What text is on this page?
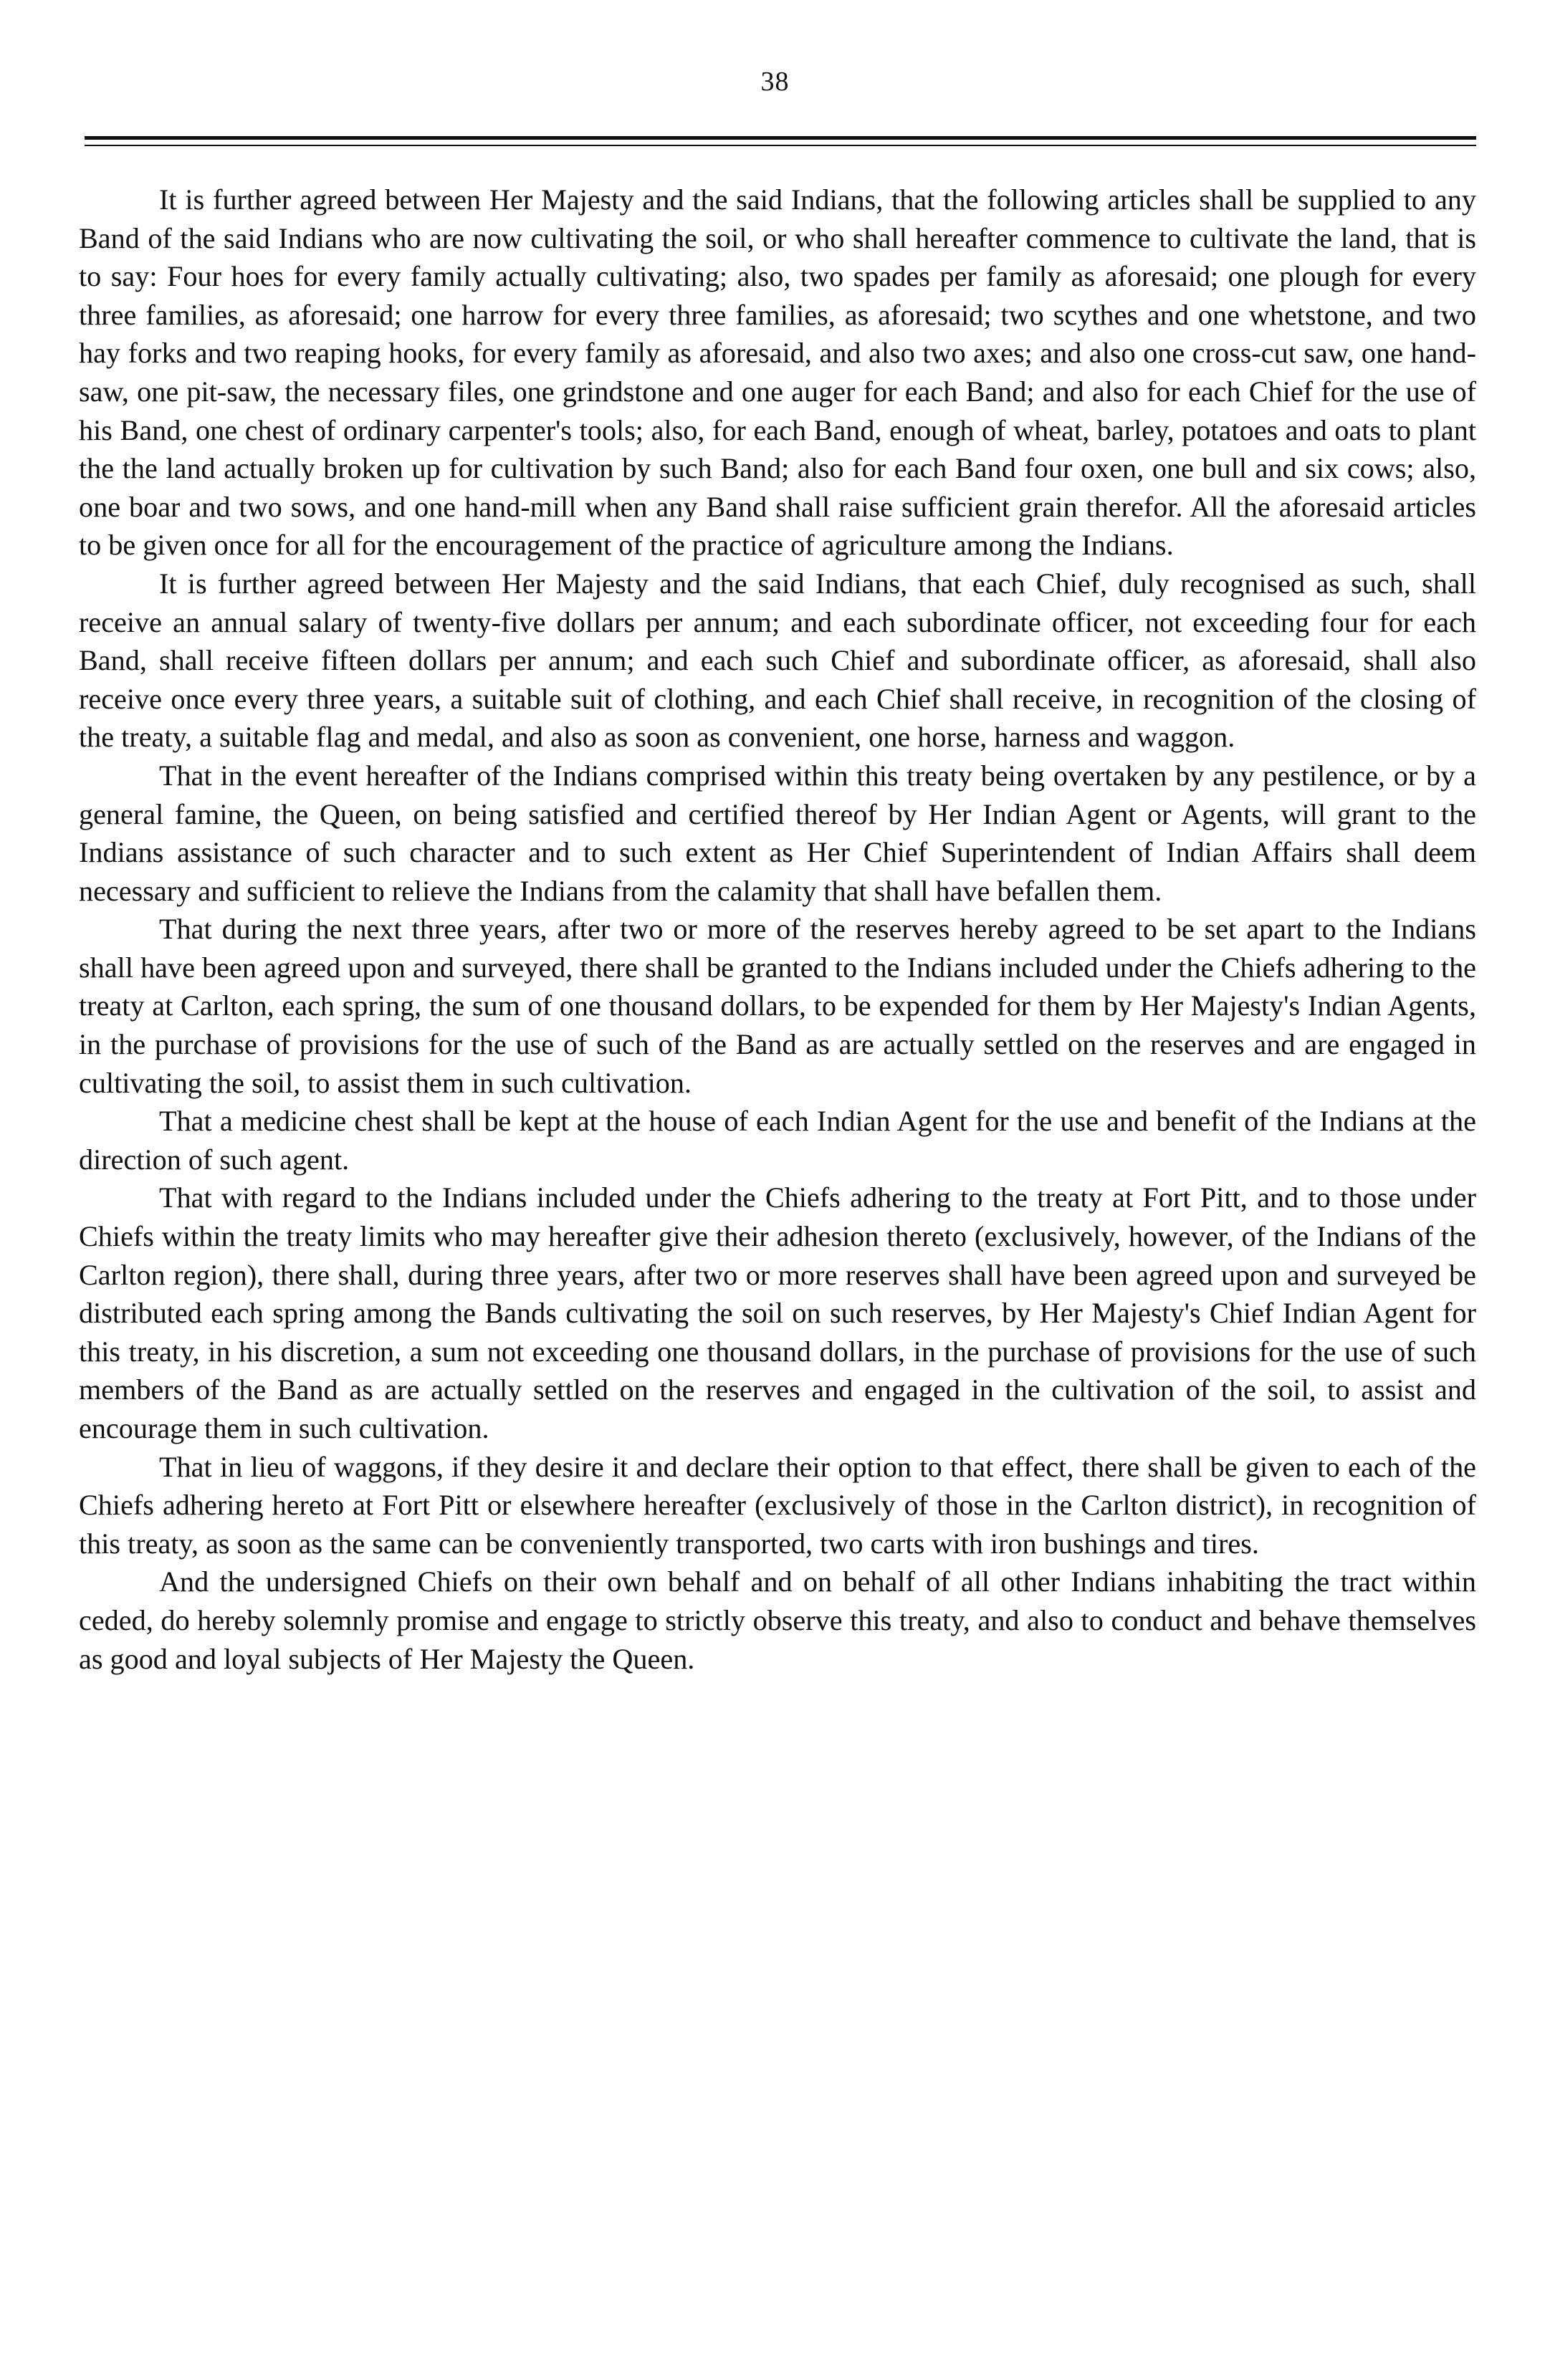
38

It is further agreed between Her Majesty and the said Indians, that the following articles shall be supplied to any Band of the said Indians who are now cultivating the soil, or who shall hereafter commence to cultivate the land, that is to say: Four hoes for every family actually cultivating; also, two spades per family as aforesaid; one plough for every three families, as aforesaid; one harrow for every three families, as aforesaid; two scythes and one whetstone, and two hay forks and two reaping hooks, for every family as aforesaid, and also two axes; and also one cross-cut saw, one hand-saw, one pit-saw, the necessary files, one grindstone and one auger for each Band; and also for each Chief for the use of his Band, one chest of ordinary carpenter's tools; also, for each Band, enough of wheat, barley, potatoes and oats to plant the the land actually broken up for cultivation by such Band; also for each Band four oxen, one bull and six cows; also, one boar and two sows, and one hand-mill when any Band shall raise sufficient grain therefor. All the aforesaid articles to be given once for all for the encouragement of the practice of agriculture among the Indians.

It is further agreed between Her Majesty and the said Indians, that each Chief, duly recognised as such, shall receive an annual salary of twenty-five dollars per annum; and each subordinate officer, not exceeding four for each Band, shall receive fifteen dollars per annum; and each such Chief and subordinate officer, as aforesaid, shall also receive once every three years, a suitable suit of clothing, and each Chief shall receive, in recognition of the closing of the treaty, a suitable flag and medal, and also as soon as convenient, one horse, harness and waggon.

That in the event hereafter of the Indians comprised within this treaty being overtaken by any pestilence, or by a general famine, the Queen, on being satisfied and certified thereof by Her Indian Agent or Agents, will grant to the Indians assistance of such character and to such extent as Her Chief Superintendent of Indian Affairs shall deem necessary and sufficient to relieve the Indians from the calamity that shall have befallen them.

That during the next three years, after two or more of the reserves hereby agreed to be set apart to the Indians shall have been agreed upon and surveyed, there shall be granted to the Indians included under the Chiefs adhering to the treaty at Carlton, each spring, the sum of one thousand dollars, to be expended for them by Her Majesty's Indian Agents, in the purchase of provisions for the use of such of the Band as are actually settled on the reserves and are engaged in cultivating the soil, to assist them in such cultivation.

That a medicine chest shall be kept at the house of each Indian Agent for the use and benefit of the Indians at the direction of such agent.

That with regard to the Indians included under the Chiefs adhering to the treaty at Fort Pitt, and to those under Chiefs within the treaty limits who may hereafter give their adhesion thereto (exclusively, however, of the Indians of the Carlton region), there shall, during three years, after two or more reserves shall have been agreed upon and surveyed be distributed each spring among the Bands cultivating the soil on such reserves, by Her Majesty's Chief Indian Agent for this treaty, in his discretion, a sum not exceeding one thousand dollars, in the purchase of provisions for the use of such members of the Band as are actually settled on the reserves and engaged in the cultivation of the soil, to assist and encourage them in such cultivation.

That in lieu of waggons, if they desire it and declare their option to that effect, there shall be given to each of the Chiefs adhering hereto at Fort Pitt or elsewhere hereafter (exclusively of those in the Carlton district), in recognition of this treaty, as soon as the same can be conveniently transported, two carts with iron bushings and tires.

And the undersigned Chiefs on their own behalf and on behalf of all other Indians inhabiting the tract within ceded, do hereby solemnly promise and engage to strictly observe this treaty, and also to conduct and behave themselves as good and loyal subjects of Her Majesty the Queen.
